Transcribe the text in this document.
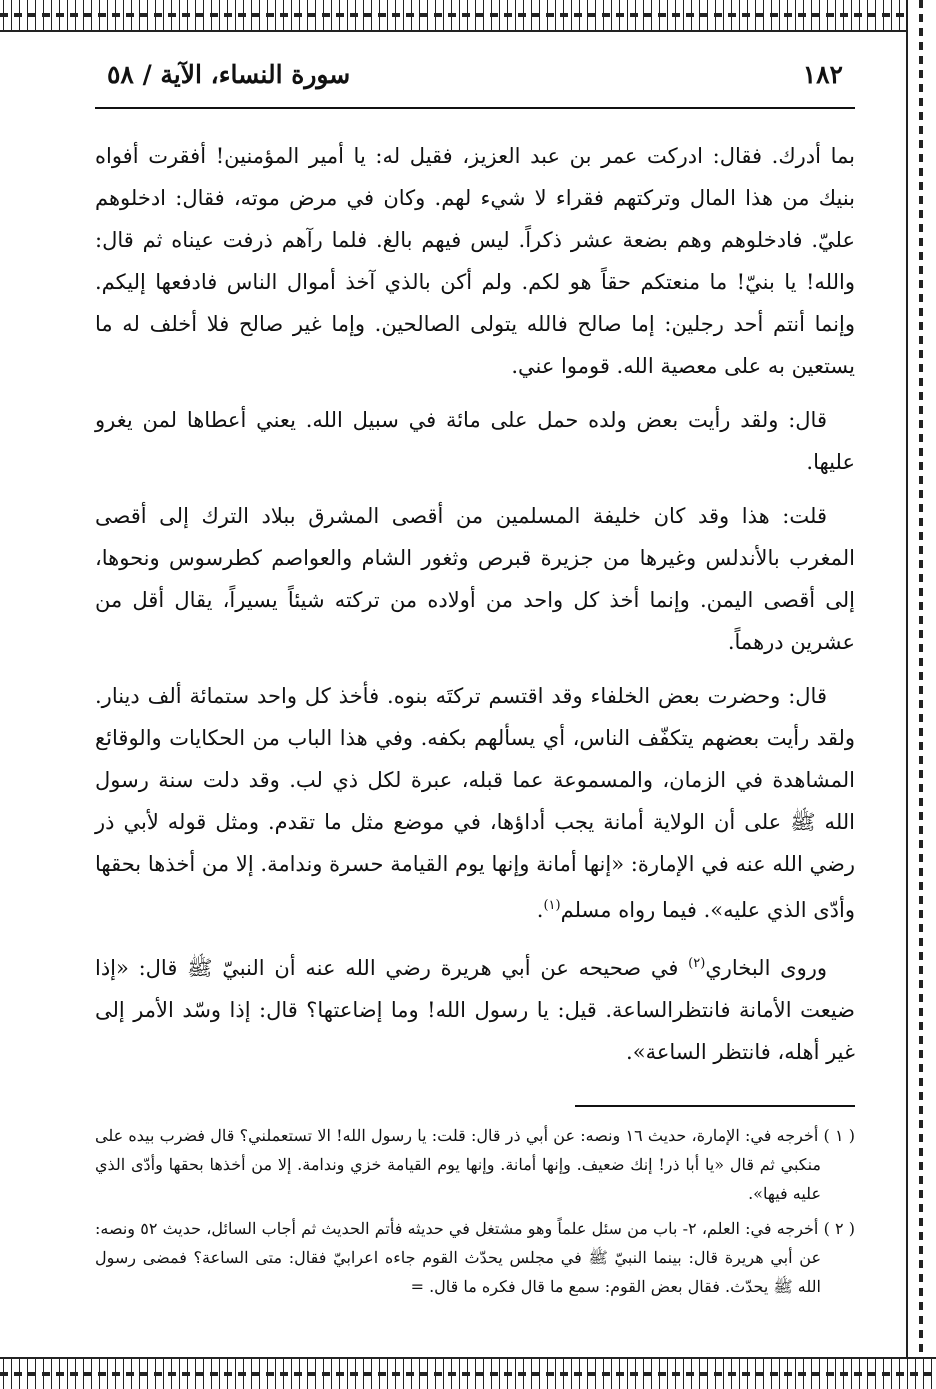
١٨٢
سورة النساء، الآية / ٥٨

بما أدرك. فقال: ادركت عمر بن عبد العزيز، فقيل له: يا أمير المؤمنين! أفقرت أفواه بنيك من هذا المال وتركتهم فقراء لا شيء لهم. وكان في مرض موته، فقال: ادخلوهم عليّ. فادخلوهم وهم بضعة عشر ذكراً. ليس فيهم بالغ. فلما رآهم ذرفت عيناه ثم قال: والله! يا بنيّ! ما منعتكم حقاً هو لكم. ولم أكن بالذي آخذ أموال الناس فادفعها إليكم. وإنما أنتم أحد رجلين: إما صالح فالله يتولى الصالحين. وإما غير صالح فلا أخلف له ما يستعين به على معصية الله. قوموا عني.

قال: ولقد رأيت بعض ولده حمل على مائة في سبيل الله. يعني أعطاها لمن يغرو عليها.

قلت: هذا وقد كان خليفة المسلمين من أقصى المشرق ببلاد الترك إلى أقصى المغرب بالأندلس وغيرها من جزيرة قبرص وثغور الشام والعواصم كطرسوس ونحوها، إلى أقصى اليمن. وإنما أخذ كل واحد من أولاده من تركته شيئاً يسيراً، يقال أقل من عشرين درهماً.

قال: وحضرت بعض الخلفاء وقد اقتسم تركتَه بنوه. فأخذ كل واحد ستمائة ألف دينار. ولقد رأيت بعضهم يتكفّف الناس، أي يسألهم بكفه. وفي هذا الباب من الحكايات والوقائع المشاهدة في الزمان، والمسموعة عما قبله، عبرة لكل ذي لب. وقد دلت سنة رسول الله ﷺ على أن الولاية أمانة يجب أداؤها، في موضع مثل ما تقدم. ومثل قوله لأبي ذر رضي الله عنه في الإمارة: «إنها أمانة وإنها يوم القيامة حسرة وندامة. إلا من أخذها بحقها وأدّى الذي عليه». فيما رواه مسلم$^{(١)}$.

وروى البخاري$^{(٢)}$ في صحيحه عن أبي هريرة رضي الله عنه أن النبيّ ﷺ قال: «إذا ضيعت الأمانة فانتظرالساعة. قيل: يا رسول الله! وما إضاعتها؟ قال: إذا وسّد الأمر إلى غير أهله، فانتظر الساعة».

( ١ ) أخرجه في: الإمارة، حديث ١٦ ونصه: عن أبي ذر قال: قلت: يا رسول الله! الا تستعملني؟ قال فضرب بيده على منكبي ثم قال «يا أبا ذر! إنك ضعيف. وإنها أمانة. وإنها يوم القيامة خزي وندامة. إلا من أخذها بحقها وأدّى الذي عليه فيها».

( ٢ ) أخرجه في: العلم، ٢- باب من سئل علماً وهو مشتغل في حديثه فأتم الحديث ثم أجاب السائل، حديث ٥٢ ونصه: عن أبي هريرة قال: بينما النبيّ ﷺ في مجلس يحدّث القوم جاءه اعرابيّ فقال: متى الساعة؟ فمضى رسول الله ﷺ يحدّث. فقال بعض القوم: سمع ما قال فكره ما قال. =
